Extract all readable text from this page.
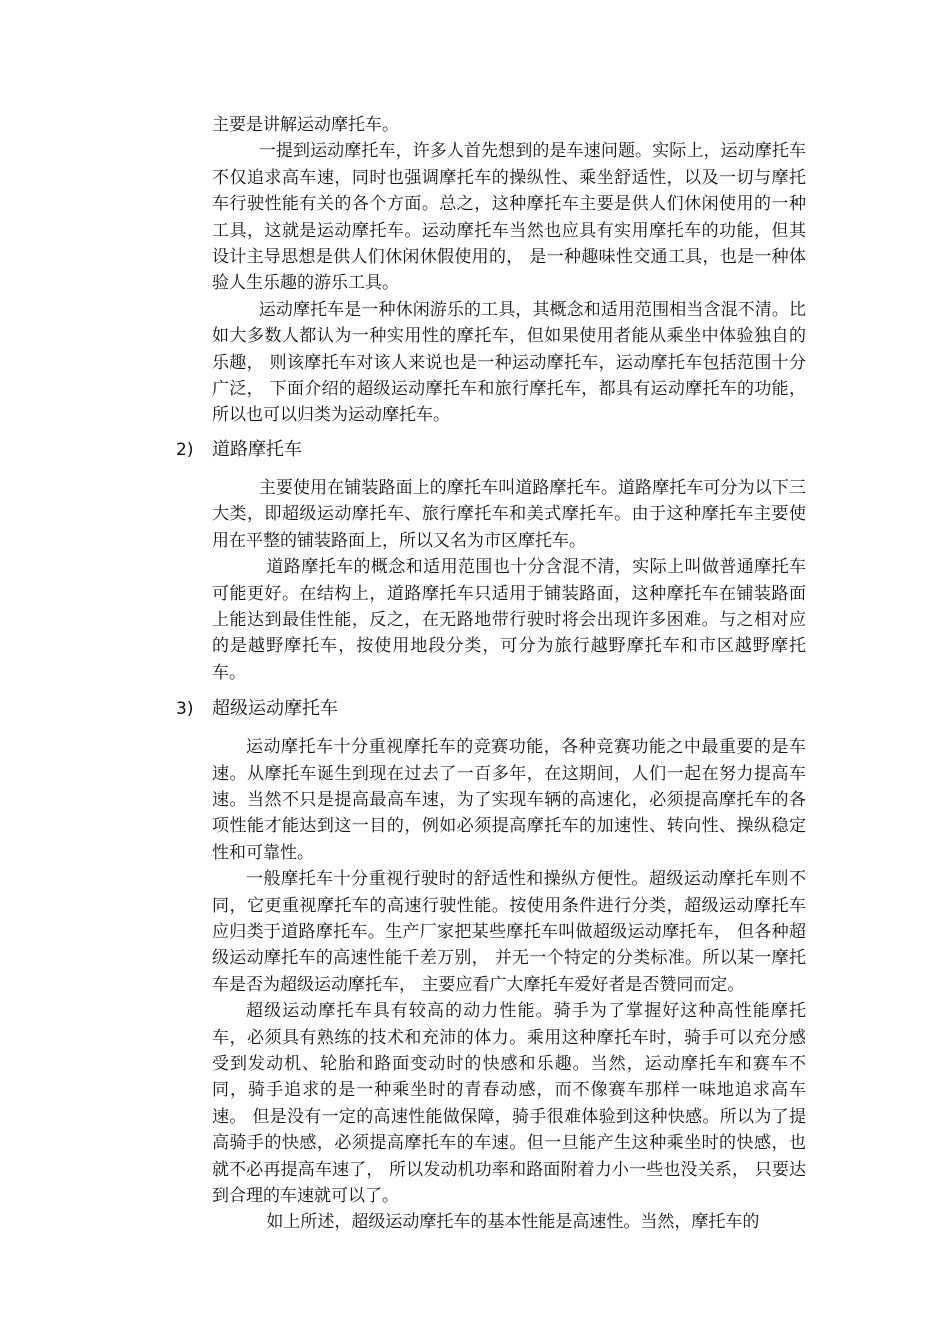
主要是讲解运动摩托车。

一提到运动摩托车，许多人首先想到的是车速问题。实际上，运动摩托车不仅追求高车速，同时也强调摩托车的操纵性、乘坐舒适性，以及一切与摩托车行驶性能有关的各个方面。总之，这种摩托车主要是供人们休闲使用的一种工具，这就是运动摩托车。运动摩托车当然也应具有实用摩托车的功能，但其设计主导思想是供人们休闲休假使用的， 是一种趣味性交通工具，也是一种体验人生乐趣的游乐工具。

运动摩托车是一种休闲游乐的工具，其概念和适用范围相当含混不清。比如大多数人都认为一种实用性的摩托车，但如果使用者能从乘坐中体验独自的乐趣， 则该摩托车对该人来说也是一种运动摩托车，运动摩托车包括范围十分广泛， 下面介绍的超级运动摩托车和旅行摩托车，都具有运动摩托车的功能，所以也可以归类为运动摩托车。

2) 道路摩托车

主要使用在铺装路面上的摩托车叫道路摩托车。道路摩托车可分为以下三大类，即超级运动摩托车、旅行摩托车和美式摩托车。由于这种摩托车主要使用在平整的铺装路面上，所以又名为市区摩托车。

道路摩托车的概念和适用范围也十分含混不清，实际上叫做普通摩托车可能更好。在结构上，道路摩托车只适用于铺装路面，这种摩托车在铺装路面上能达到最佳性能，反之，在无路地带行驶时将会出现许多困难。与之相对应的是越野摩托车，按使用地段分类，可分为旅行越野摩托车和市区越野摩托车。

3) 超级运动摩托车

运动摩托车十分重视摩托车的竞赛功能，各种竞赛功能之中最重要的是车速。从摩托车诞生到现在过去了一百多年，在这期间，人们一起在努力提高车速。当然不只是提高最高车速，为了实现车辆的高速化，必须提高摩托车的各项性能才能达到这一目的，例如必须提高摩托车的加速性、转向性、操纵稳定性和可靠性。

一般摩托车十分重视行驶时的舒适性和操纵方便性。超级运动摩托车则不同，它更重视摩托车的高速行驶性能。按使用条件进行分类，超级运动摩托车应归类于道路摩托车。生产厂家把某些摩托车叫做超级运动摩托车， 但各种超级运动摩托车的高速性能千差万别， 并无一个特定的分类标准。所以某一摩托车是否为超级运动摩托车， 主要应看广大摩托车爱好者是否赞同而定。

超级运动摩托车具有较高的动力性能。骑手为了掌握好这种高性能摩托车，必须具有熟练的技术和充沛的体力。乘用这种摩托车时，骑手可以充分感受到发动机、轮胎和路面变动时的快感和乐趣。当然，运动摩托车和赛车不同，骑手追求的是一种乘坐时的青春动感，而不像赛车那样一味地追求高车速。 但是没有一定的高速性能做保障，骑手很难体验到这种快感。所以为了提高骑手的快感，必须提高摩托车的车速。但一旦能产生这种乘坐时的快感，也就不必再提高车速了， 所以发动机功率和路面附着力小一些也没关系， 只要达到合理的车速就可以了。

如上所述，超级运动摩托车的基本性能是高速性。当然，摩托车的
